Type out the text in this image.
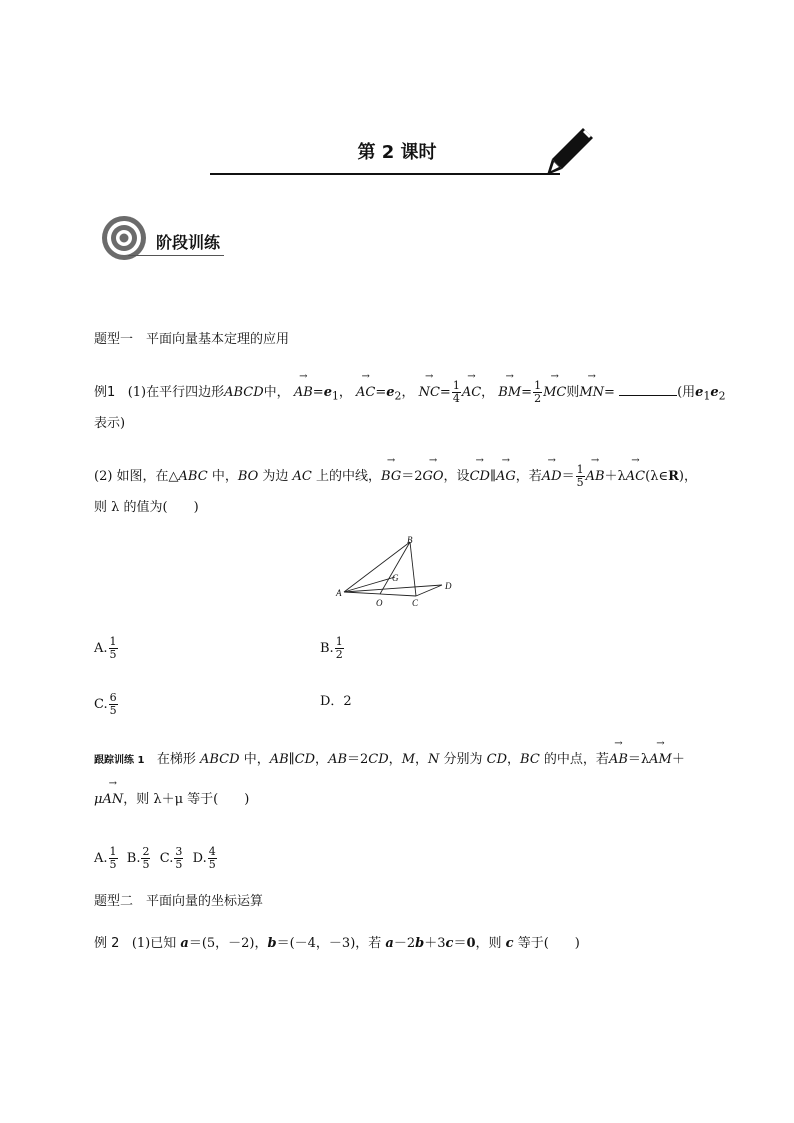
第 2 课时
阶段训练
题型一　平面向量基本定理的应用
例1 (1)在平行四边形ABCD中， → $AB=e_1$， → $AC=e_2$， → $NC= \frac{1}{4}$
→ AC， → $BM= \frac{1}{2}$
→ MC则→ MN=	(用$e_1e_2$
表示)
(2) 如图，在△ABC 中，BO 为边 AC 上的中线，→ BG＝2→ GO，设→ CD∥→ AG，若→ $AD= \frac{1}{5}$
→ AB＋λ→ AC(λ∈R)，
则 λ 的值为(　　)
A
B
C
D
G
O
A. $\frac{1}{5}$	B. $\frac{1}{2}$
C. $\frac{6}{5}$	D．2
跟踪训练 1 在梯形 ABCD 中，AB∥CD，AB＝2CD，M，N 分别为 CD，BC 的中点，若→ AB＝λ→ AM＋
μ→ AN，则 λ＋μ 等于(　　)
A. $\frac{1}{5} B$. $\frac{2}{5} C$. $\frac{3}{5} D$. $\frac{4}{5}$
题型二　平面向量的坐标运算
例 2 (1)已知 a＝(5，－2)，b＝(－4，－3)，若 a－2b＋3c＝0，则 c 等于(　　)
